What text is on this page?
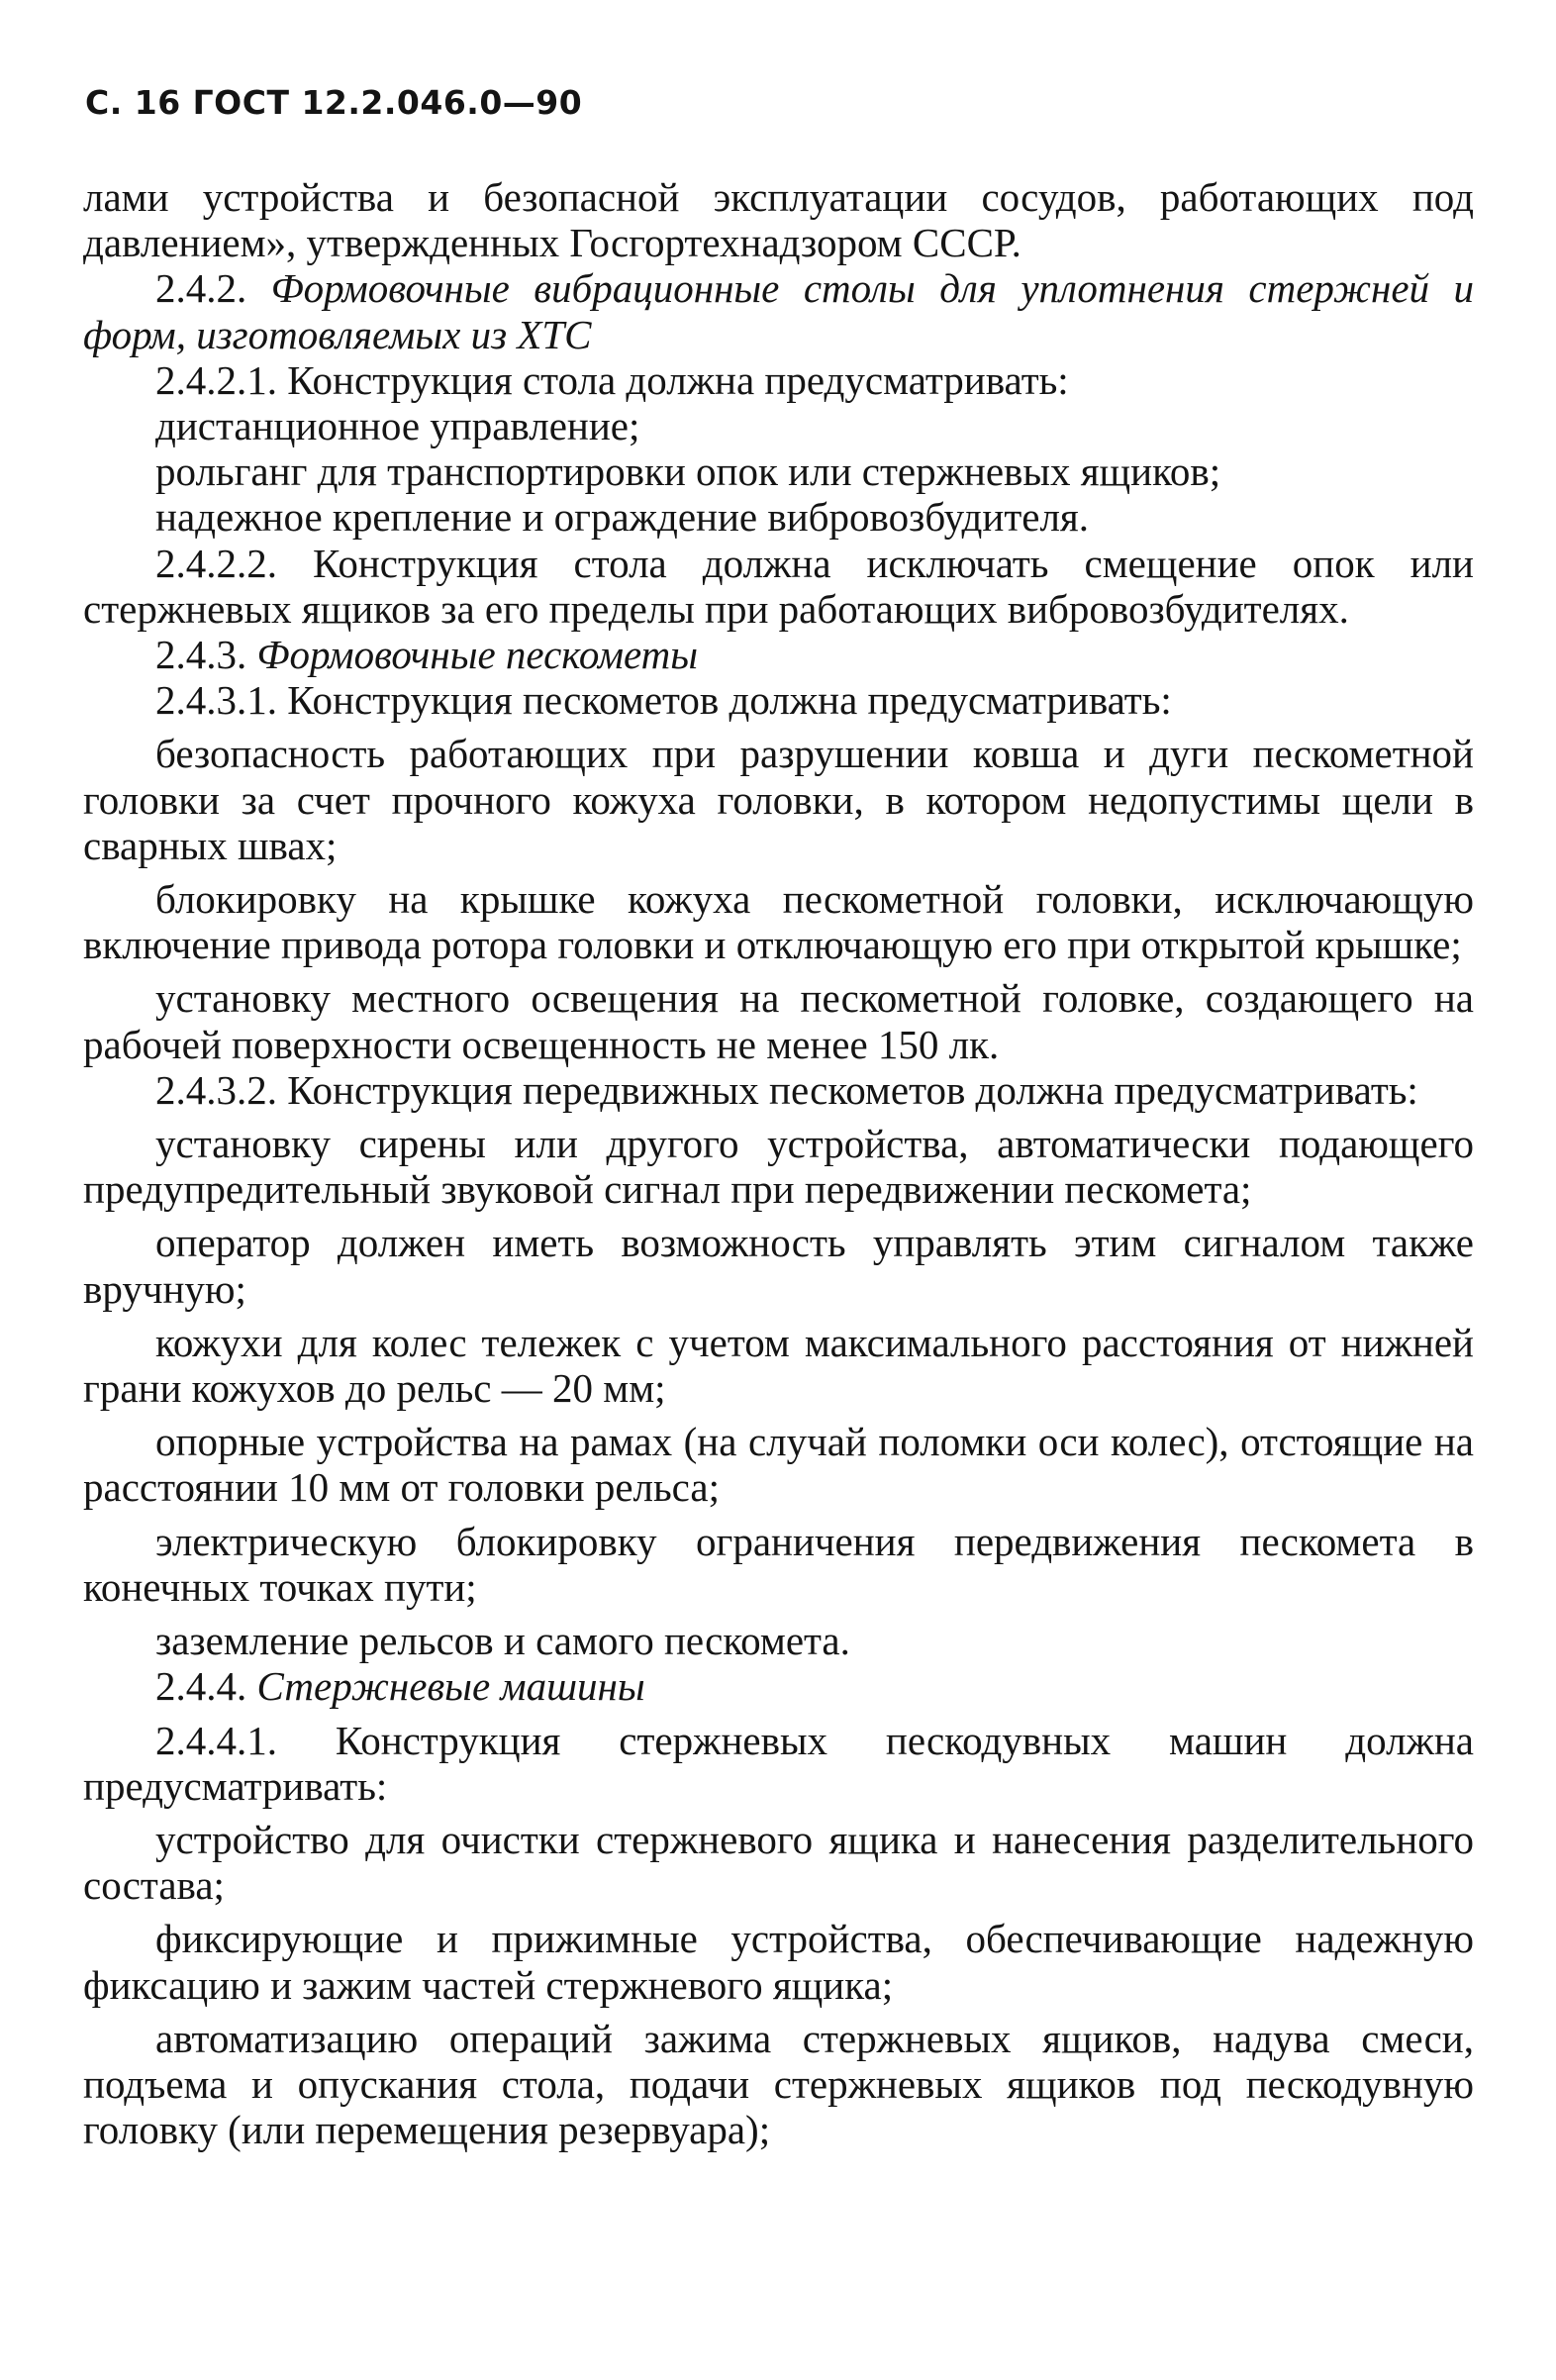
С. 16 ГОСТ 12.2.046.0—90

лами устройства и безопасной эксплуатации сосудов, работающих под давлением», утвержденных Госгортехнадзором СССР.

2.4.2. Формовочные вибрационные столы для уплотнения стержней и форм, изготовляемых из ХТС

2.4.2.1. Конструкция стола должна предусматривать:

дистанционное управление;

рольганг для транспортировки опок или стержневых ящиков;

надежное крепление и ограждение вибровозбудителя.

2.4.2.2. Конструкция стола должна исключать смещение опок или стержневых ящиков за его пределы при работающих вибровозбудителях.

2.4.3. Формовочные пескометы

2.4.3.1. Конструкция пескометов должна предусматривать:

безопасность работающих при разрушении ковша и дуги пескометной головки за счет прочного кожуха головки, в котором недопустимы щели в сварных швах;

блокировку на крышке кожуха пескометной головки, исключающую включение привода ротора головки и отключающую его при открытой крышке;

установку местного освещения на пескометной головке, создающего на рабочей поверхности освещенность не менее 150 лк.

2.4.3.2. Конструкция передвижных пескометов должна предусматривать:

установку сирены или другого устройства, автоматически подающего предупредительный звуковой сигнал при передвижении пескомета;

оператор должен иметь возможность управлять этим сигналом также вручную;

кожухи для колес тележек с учетом максимального расстояния от нижней грани кожухов до рельс — 20 мм;

опорные устройства на рамах (на случай поломки оси колес), отстоящие на расстоянии 10 мм от головки рельса;

электрическую блокировку ограничения передвижения пескомета в конечных точках пути;

заземление рельсов и самого пескомета.

2.4.4. Стержневые машины

2.4.4.1. Конструкция стержневых пескодувных машин должна предусматривать:

устройство для очистки стержневого ящика и нанесения разделительного состава;

фиксирующие и прижимные устройства, обеспечивающие надежную фиксацию и зажим частей стержневого ящика;

автоматизацию операций зажима стержневых ящиков, надува смеси, подъема и опускания стола, подачи стержневых ящиков под пескодувную головку (или перемещения резервуара);
